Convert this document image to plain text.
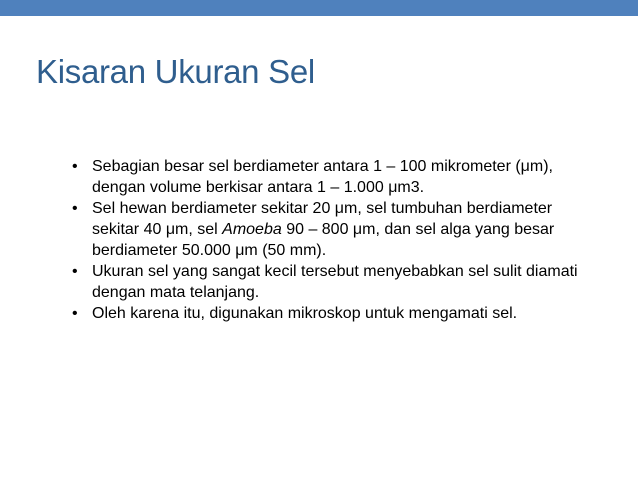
Kisaran Ukuran Sel
• Sebagian besar sel berdiameter antara 1 – 100 mikrometer (μm), dengan volume berkisar antara 1 – 1.000 μm3.
• Sel hewan berdiameter sekitar 20 μm, sel tumbuhan berdiameter sekitar 40 μm, sel Amoeba 90 – 800 μm, dan sel alga yang besar berdiameter 50.000 μm (50 mm).
• Ukuran sel yang sangat kecil tersebut menyebabkan sel sulit diamati dengan mata telanjang.
• Oleh karena itu, digunakan mikroskop untuk mengamati sel.
